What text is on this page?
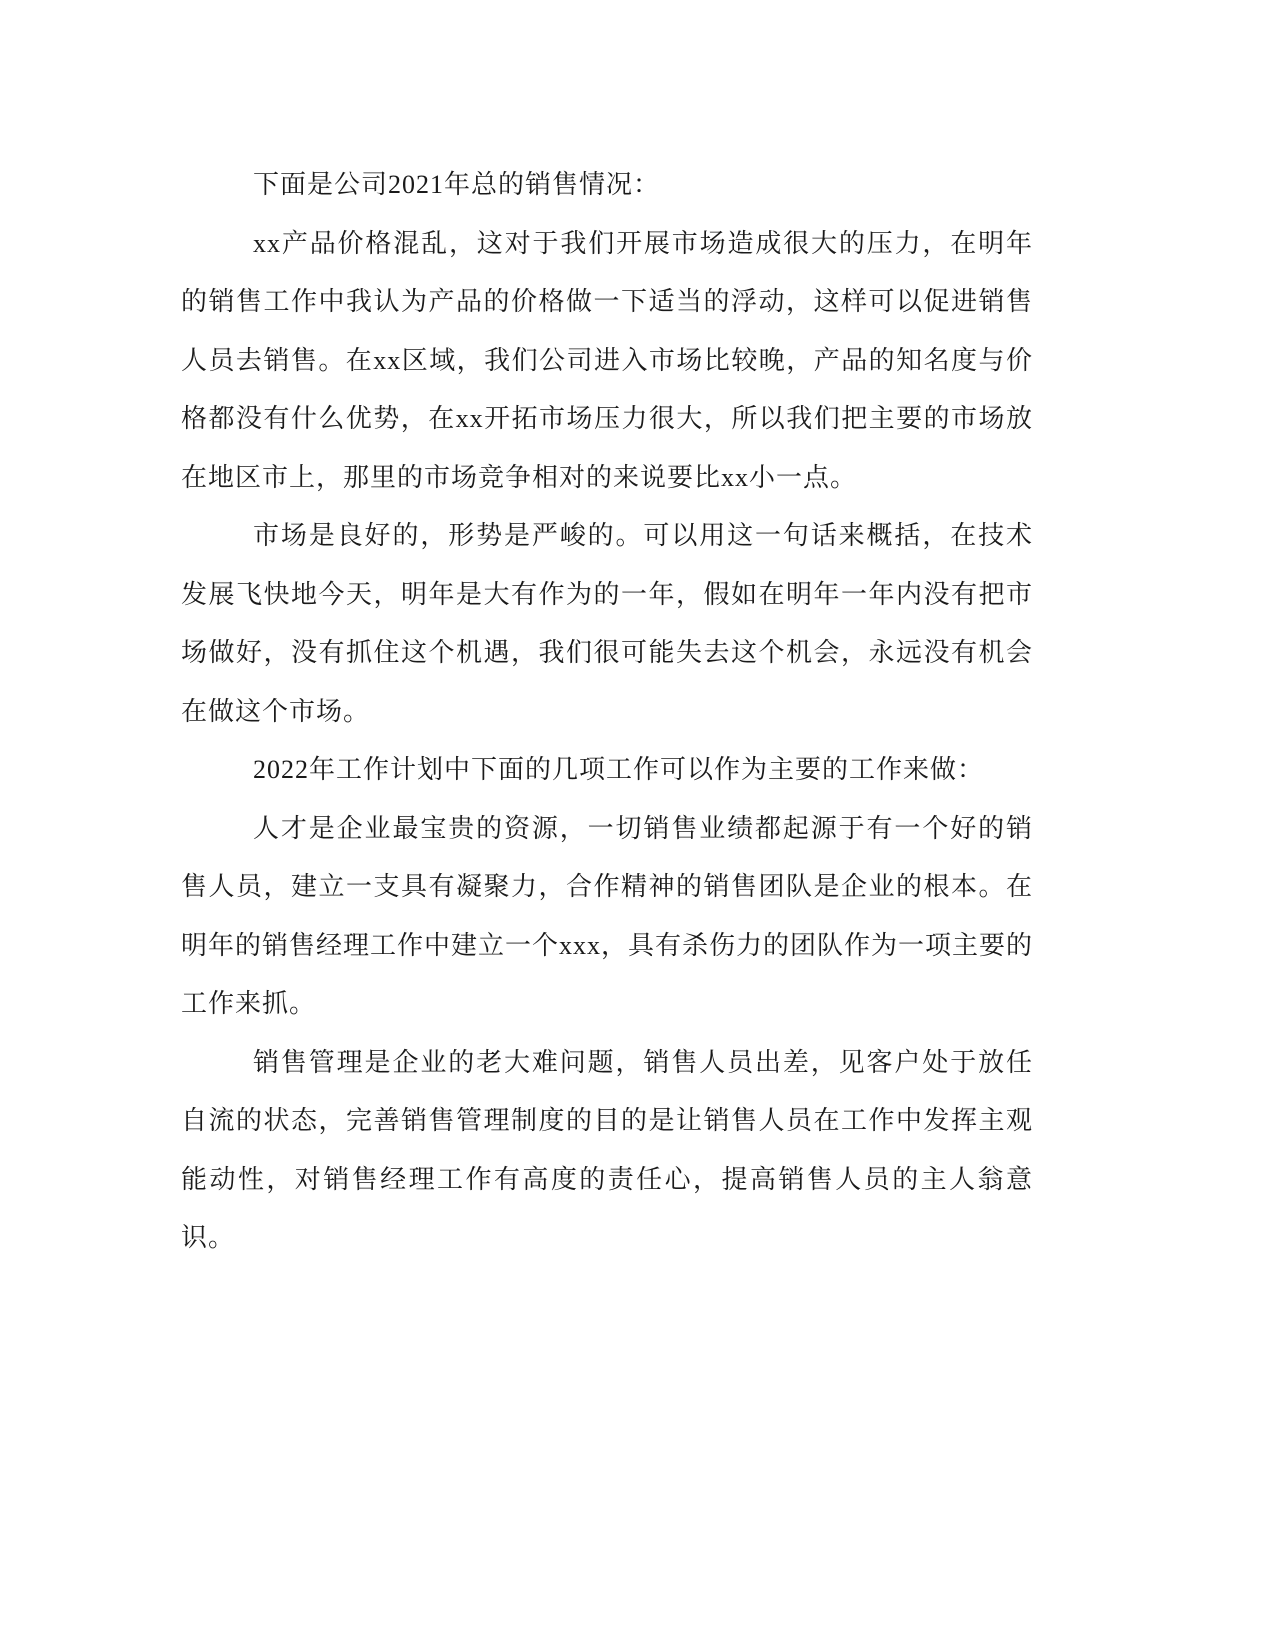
下面是公司2021年总的销售情况：

xx产品价格混乱，这对于我们开展市场造成很大的压力，在明年的销售工作中我认为产品的价格做一下适当的浮动，这样可以促进销售人员去销售。在xx区域，我们公司进入市场比较晚，产品的知名度与价格都没有什么优势，在xx开拓市场压力很大，所以我们把主要的市场放在地区市上，那里的市场竞争相对的来说要比xx小一点。

市场是良好的，形势是严峻的。可以用这一句话来概括，在技术发展飞快地今天，明年是大有作为的一年，假如在明年一年内没有把市场做好，没有抓住这个机遇，我们很可能失去这个机会，永远没有机会在做这个市场。

2022年工作计划中下面的几项工作可以作为主要的工作来做：

人才是企业最宝贵的资源，一切销售业绩都起源于有一个好的销售人员，建立一支具有凝聚力，合作精神的销售团队是企业的根本。在明年的销售经理工作中建立一个xxx，具有杀伤力的团队作为一项主要的工作来抓。

销售管理是企业的老大难问题，销售人员出差，见客户处于放任自流的状态，完善销售管理制度的目的是让销售人员在工作中发挥主观能动性，对销售经理工作有高度的责任心，提高销售人员的主人翁意识。
